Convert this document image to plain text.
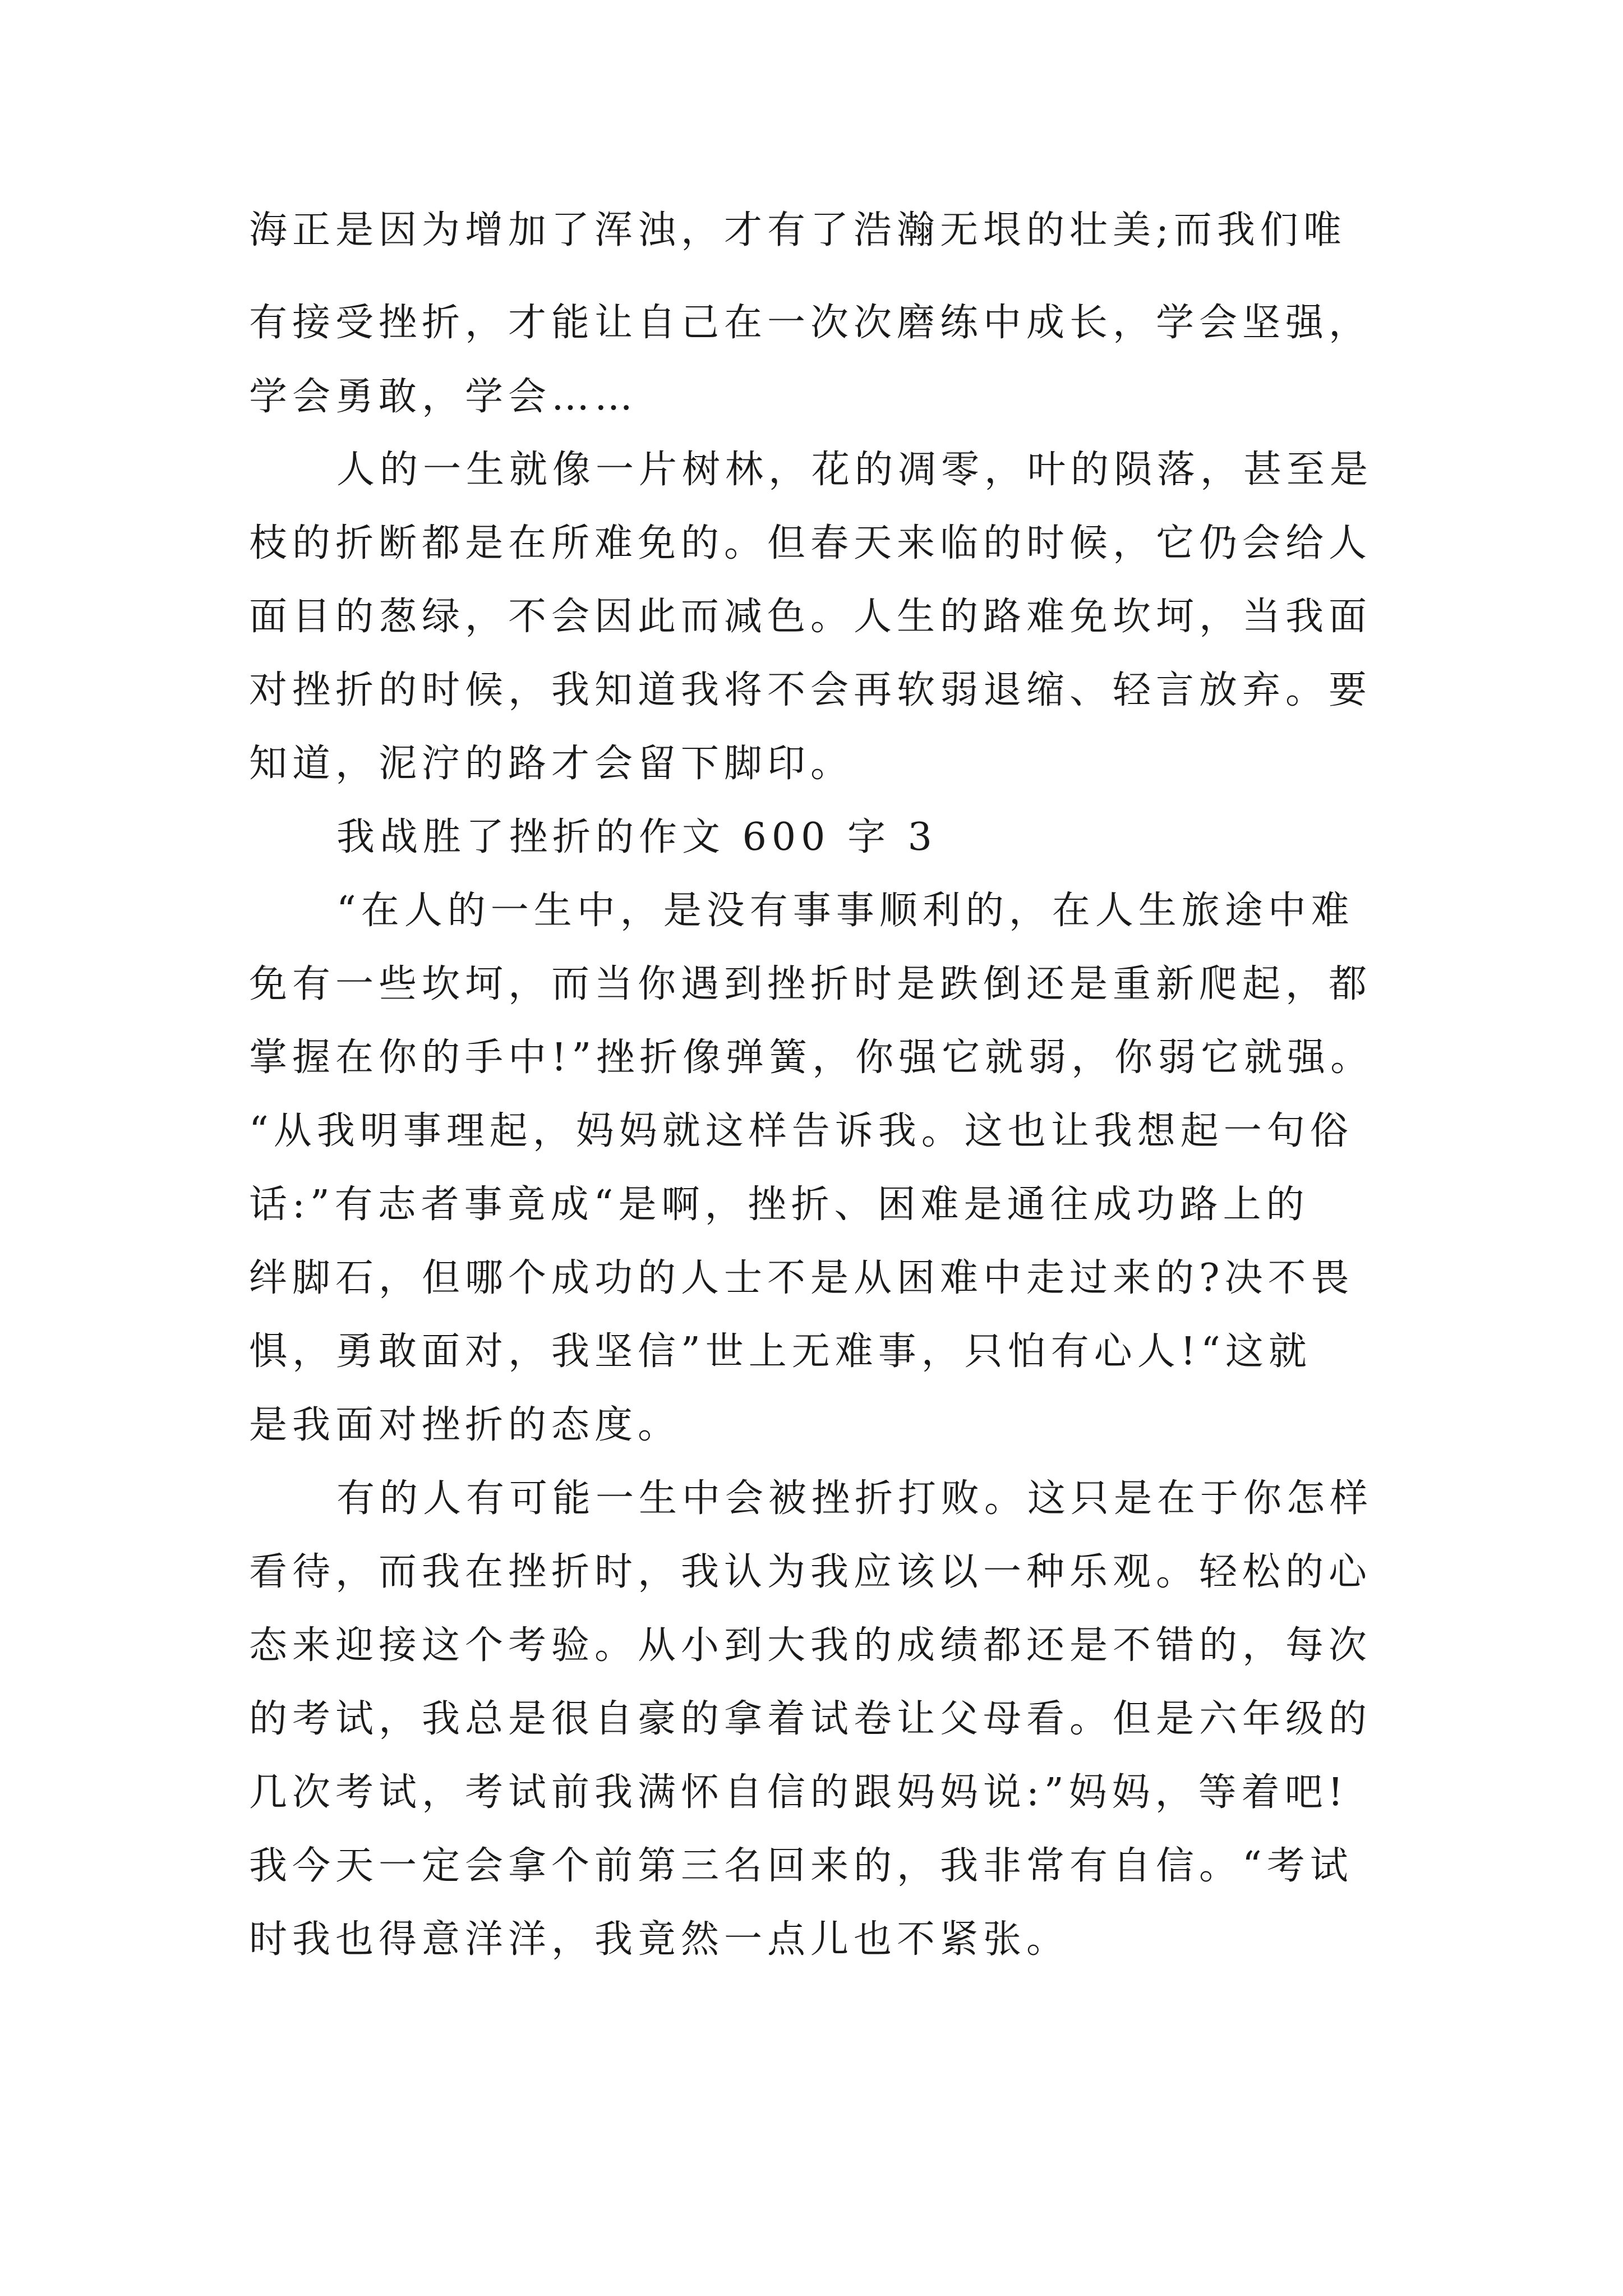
海正是因为增加了浑浊，才有了浩瀚无垠的壮美;而我们唯
有接受挫折，才能让自己在一次次磨练中成长，学会坚强，
学会勇敢，学会……
人的一生就像一片树林，花的凋零，叶的陨落，甚至是
枝的折断都是在所难免的。但春天来临的时候，它仍会给人
面目的葱绿，不会因此而减色。人生的路难免坎坷，当我面
对挫折的时候，我知道我将不会再软弱退缩、轻言放弃。要
知道，泥泞的路才会留下脚印。
我战胜了挫折的作文 600 字 3
“在人的一生中，是没有事事顺利的，在人生旅途中难
免有一些坎坷，而当你遇到挫折时是跌倒还是重新爬起，都
掌握在你的手中!”挫折像弹簧，你强它就弱，你弱它就强。
“从我明事理起，妈妈就这样告诉我。这也让我想起一句俗
话:”有志者事竟成“是啊，挫折、困难是通往成功路上的
绊脚石，但哪个成功的人士不是从困难中走过来的?决不畏
惧，勇敢面对，我坚信”世上无难事，只怕有心人!“这就
是我面对挫折的态度。
有的人有可能一生中会被挫折打败。这只是在于你怎样
看待，而我在挫折时，我认为我应该以一种乐观。轻松的心
态来迎接这个考验。从小到大我的成绩都还是不错的，每次
的考试，我总是很自豪的拿着试卷让父母看。但是六年级的
几次考试，考试前我满怀自信的跟妈妈说:”妈妈，等着吧!
我今天一定会拿个前第三名回来的，我非常有自信。“考试
时我也得意洋洋，我竟然一点儿也不紧张。
